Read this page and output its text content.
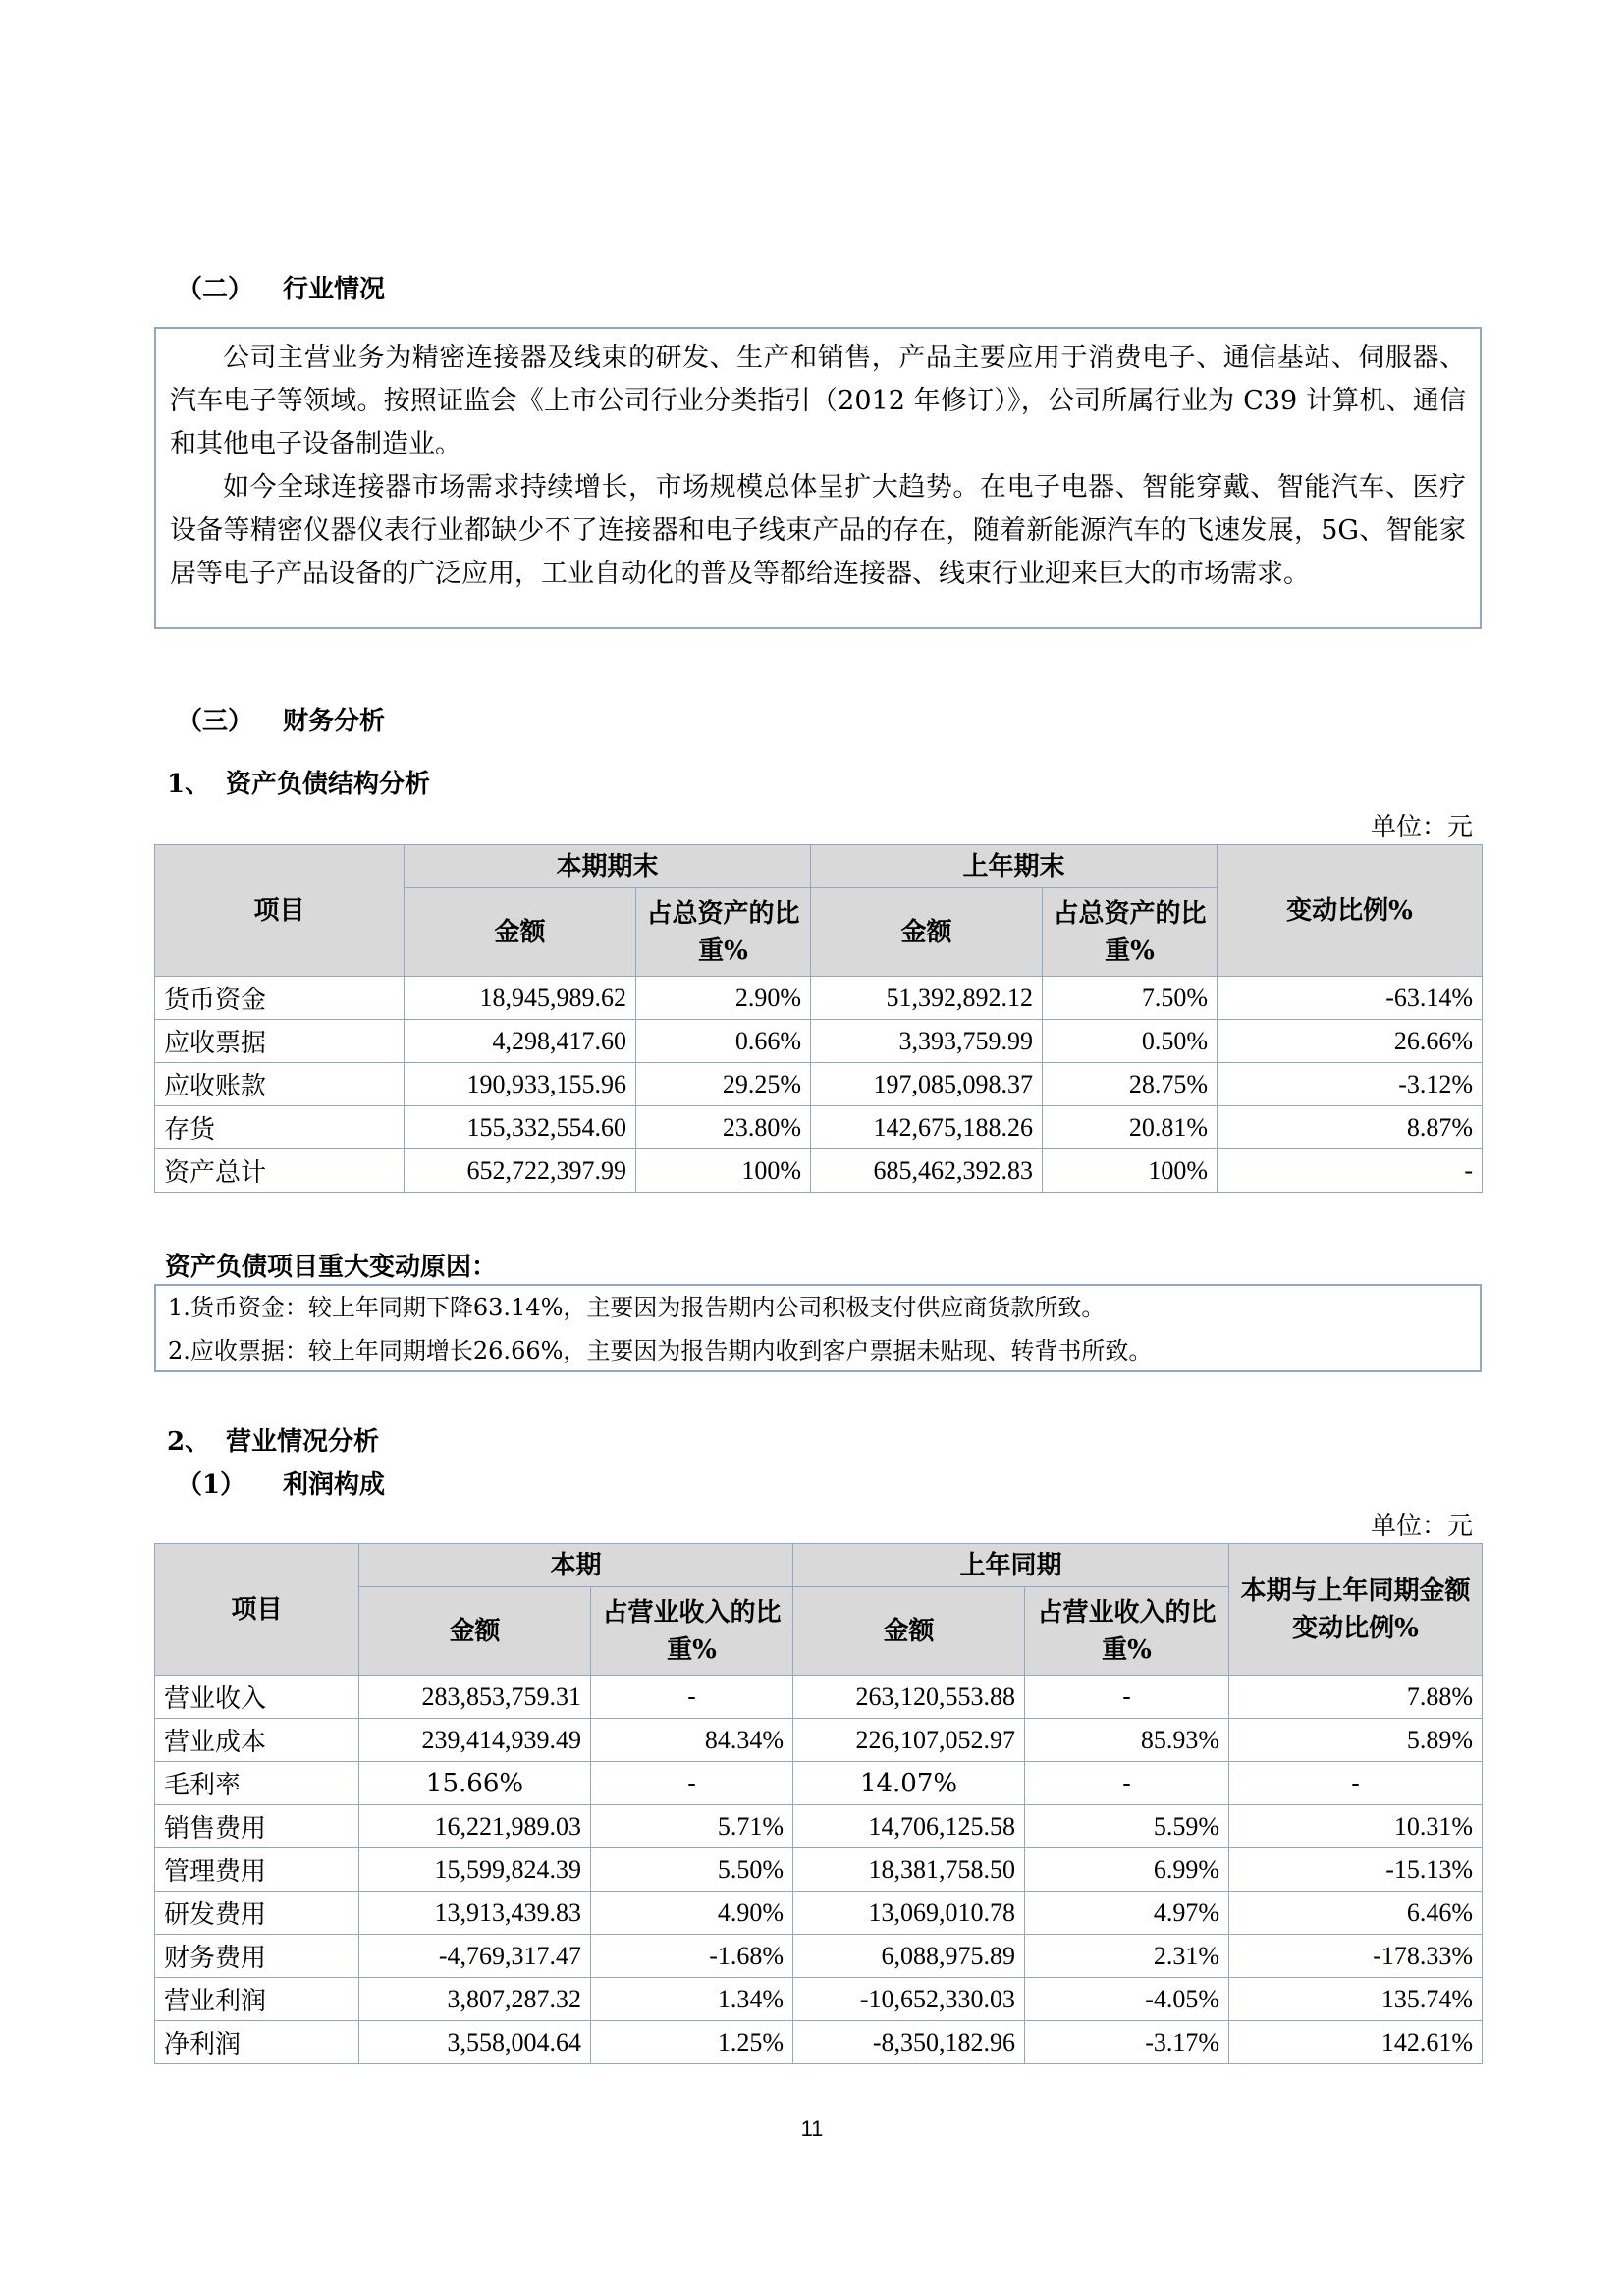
（二） 行业情况

公司主营业务为精密连接器及线束的研发、生产和销售，产品主要应用于消费电子、通信基站、伺服器、汽车电子等领域。按照证监会《上市公司行业分类指引（2012 年修订）》，公司所属行业为 C39 计算机、通信和其他电子设备制造业。

如今全球连接器市场需求持续增长，市场规模总体呈扩大趋势。在电子电器、智能穿戴、智能汽车、医疗设备等精密仪器仪表行业都缺少不了连接器和电子线束产品的存在，随着新能源汽车的飞速发展，5G、智能家居等电子产品设备的广泛应用，工业自动化的普及等都给连接器、线束行业迎来巨大的市场需求。

（三） 财务分析
1、 资产负债结构分析
单位：元
项目	本期期末		上年期末		变动比例%
	金额	占总资产的比重%	金额	占总资产的比重%	
货币资金	18,945,989.62	2.90%	51,392,892.12	7.50%	-63.14%
应收票据	4,298,417.60	0.66%	3,393,759.99	0.50%	26.66%
应收账款	190,933,155.96	29.25%	197,085,098.37	28.75%	-3.12%
存货	155,332,554.60	23.80%	142,675,188.26	20.81%	8.87%
资产总计	652,722,397.99	100%	685,462,392.83	100%	-
资产负债项目重大变动原因：
1.货币资金：较上年同期下降63.14%，主要因为报告期内公司积极支付供应商货款所致。
2.应收票据：较上年同期增长26.66%，主要因为报告期内收到客户票据未贴现、转背书所致。
2、 营业情况分析
（1） 利润构成
单位：元
项目	本期		上年同期		本期与上年同期金额变动比例%
	金额	占营业收入的比重%	金额	占营业收入的比重%	
营业收入	283,853,759.31	-	263,120,553.88	-	7.88%
营业成本	239,414,939.49	84.34%	226,107,052.97	85.93%	5.89%
毛利率	15.66%	-	14.07%	-	-
销售费用	16,221,989.03	5.71%	14,706,125.58	5.59%	10.31%
管理费用	15,599,824.39	5.50%	18,381,758.50	6.99%	-15.13%
研发费用	13,913,439.83	4.90%	13,069,010.78	4.97%	6.46%
财务费用	-4,769,317.47	-1.68%	6,088,975.89	2.31%	-178.33%
营业利润	3,807,287.32	1.34%	-10,652,330.03	-4.05%	135.74%
净利润	3,558,004.64	1.25%	-8,350,182.96	-3.17%	142.61%
11
